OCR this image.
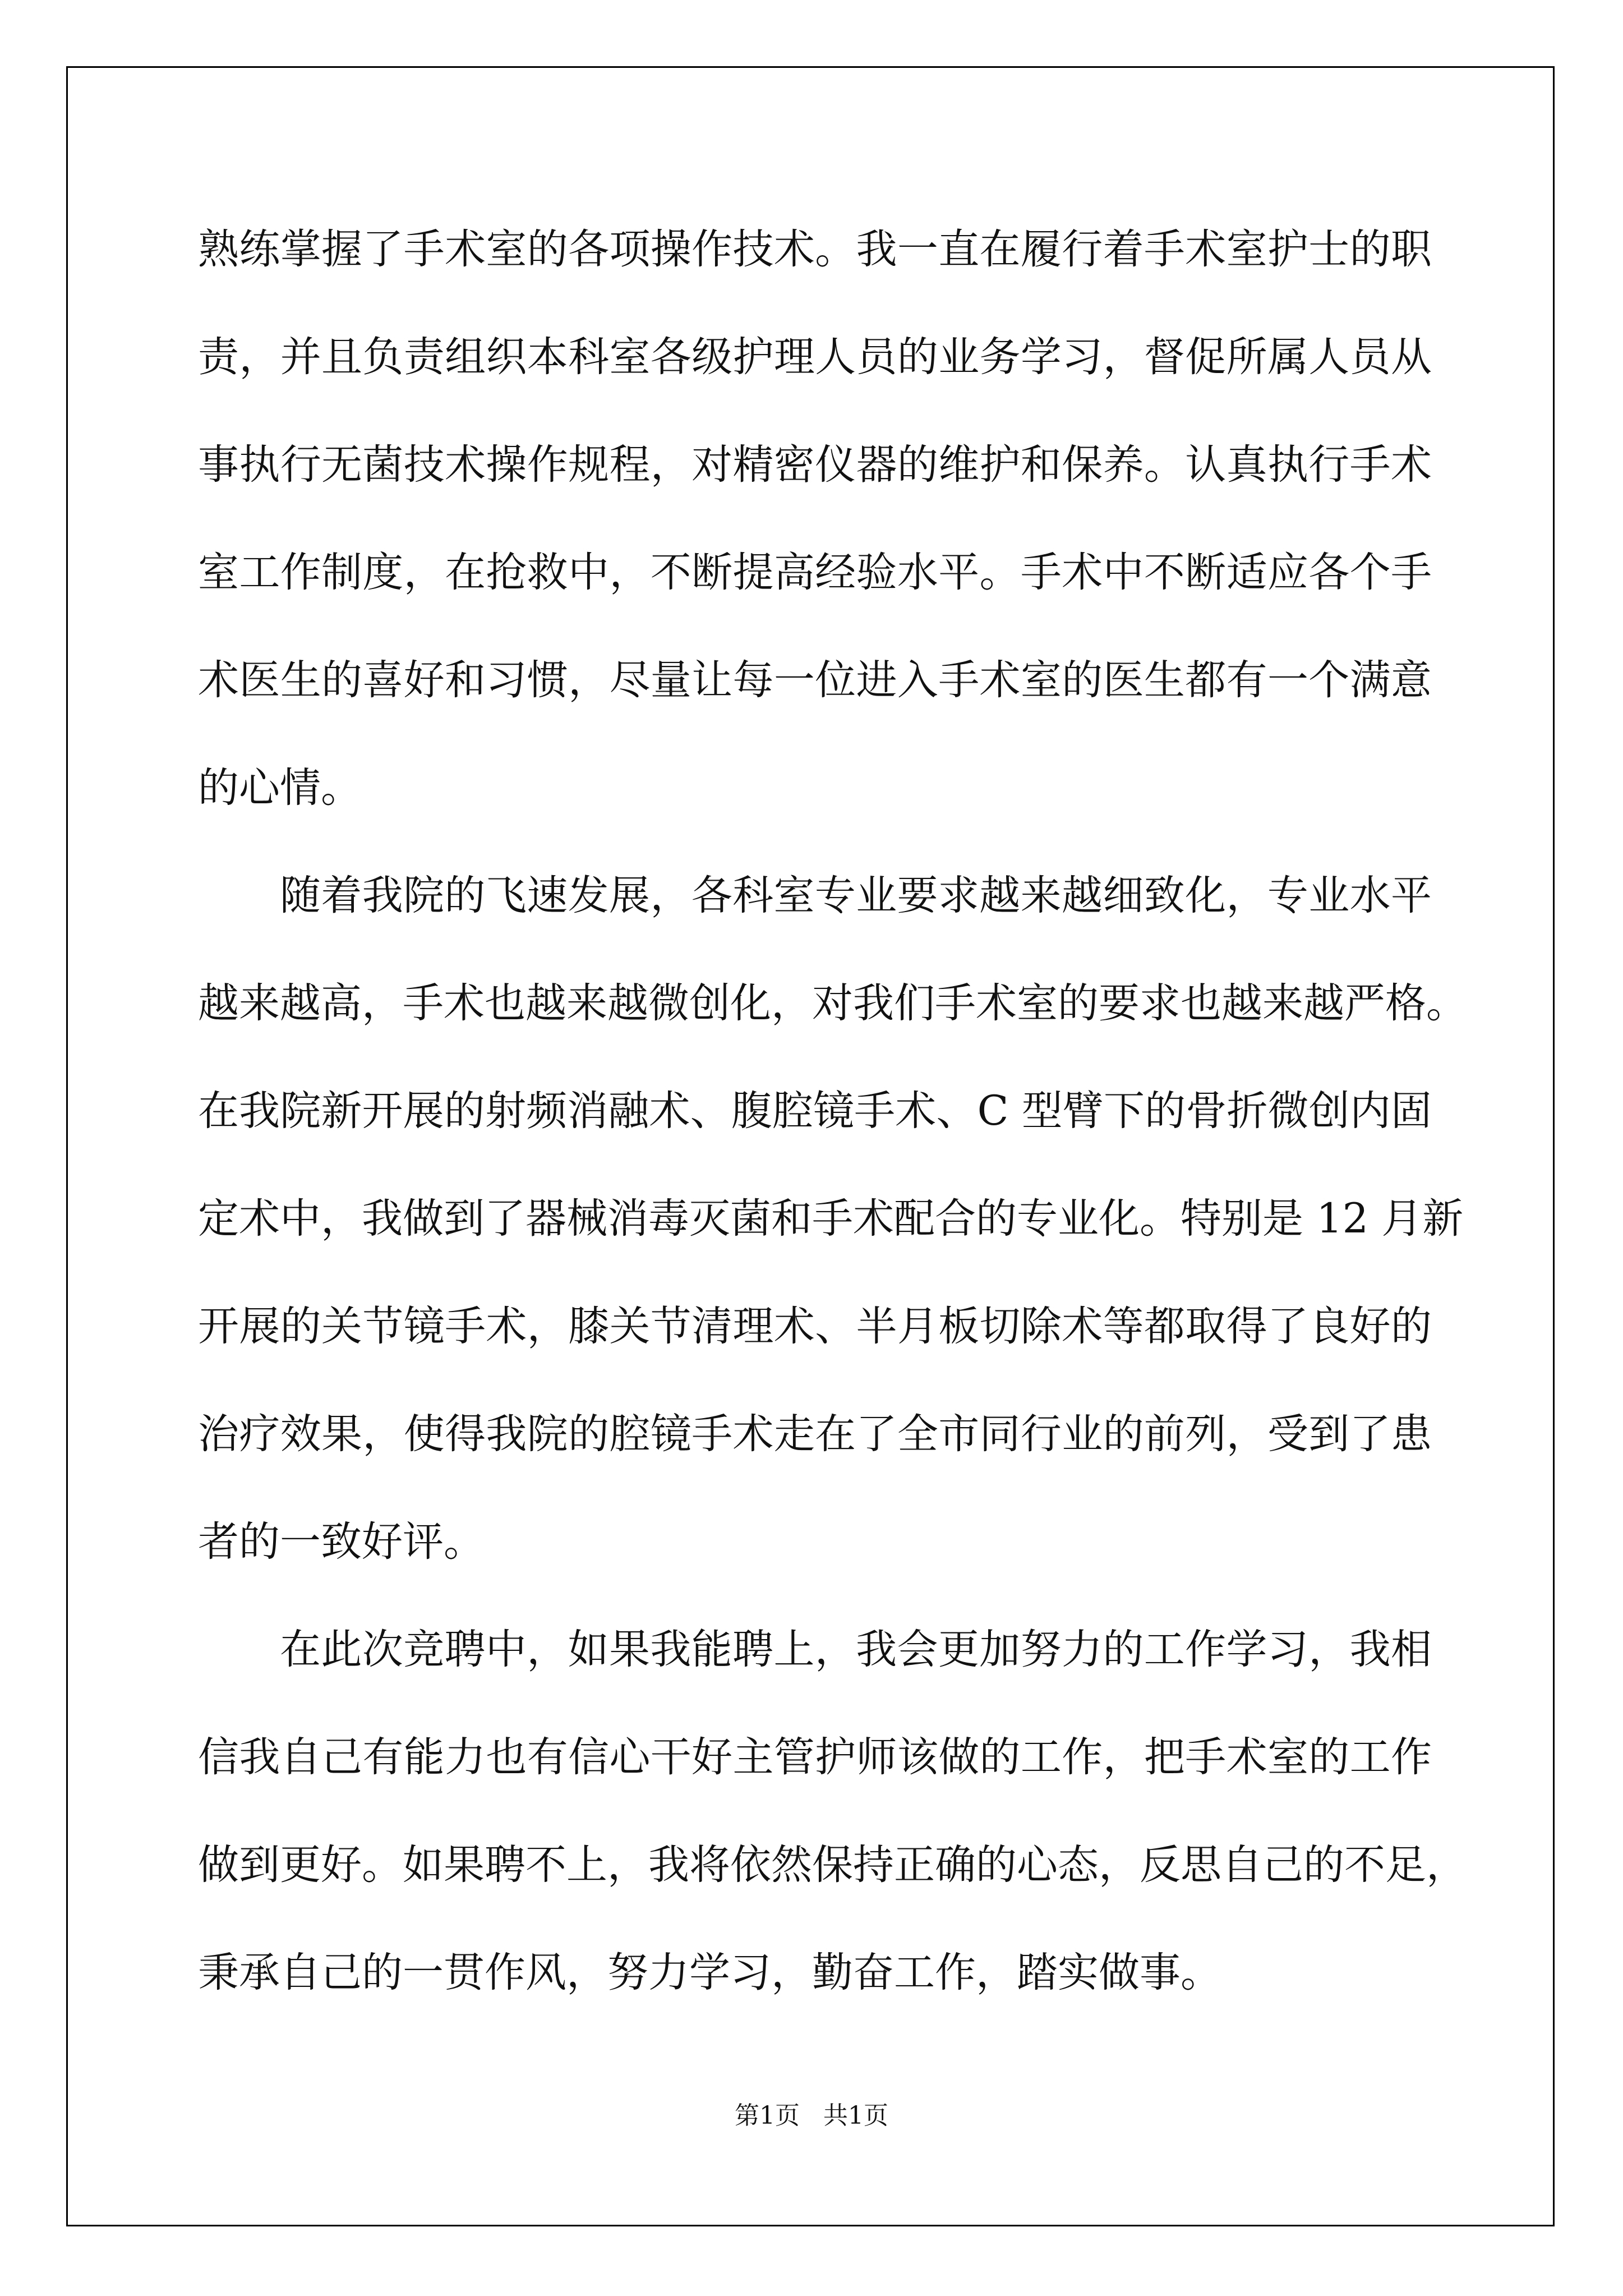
熟练掌握了手术室的各项操作技术。我一直在履行着手术室护士的职

责，并且负责组织本科室各级护理人员的业务学习，督促所属人员从

事执行无菌技术操作规程，对精密仪器的维护和保养。认真执行手术

室工作制度，在抢救中，不断提高经验水平。手术中不断适应各个手

术医生的喜好和习惯，尽量让每一位进入手术室的医生都有一个满意

的心情。

随着我院的飞速发展，各科室专业要求越来越细致化，专业水平

越来越高，手术也越来越微创化，对我们手术室的要求也越来越严格。

在我院新开展的射频消融术、腹腔镜手术、C 型臂下的骨折微创内固

定术中，我做到了器械消毒灭菌和手术配合的专业化。特别是 12 月新

开展的关节镜手术，膝关节清理术、半月板切除术等都取得了良好的

治疗效果，使得我院的腔镜手术走在了全市同行业的前列，受到了患

者的一致好评。

在此次竞聘中，如果我能聘上，我会更加努力的工作学习，我相

信我自己有能力也有信心干好主管护师该做的工作，把手术室的工作

做到更好。如果聘不上，我将依然保持正确的心态，反思自己的不足，

秉承自己的一贯作风，努力学习，勤奋工作，踏实做事。

第1页   共1页
